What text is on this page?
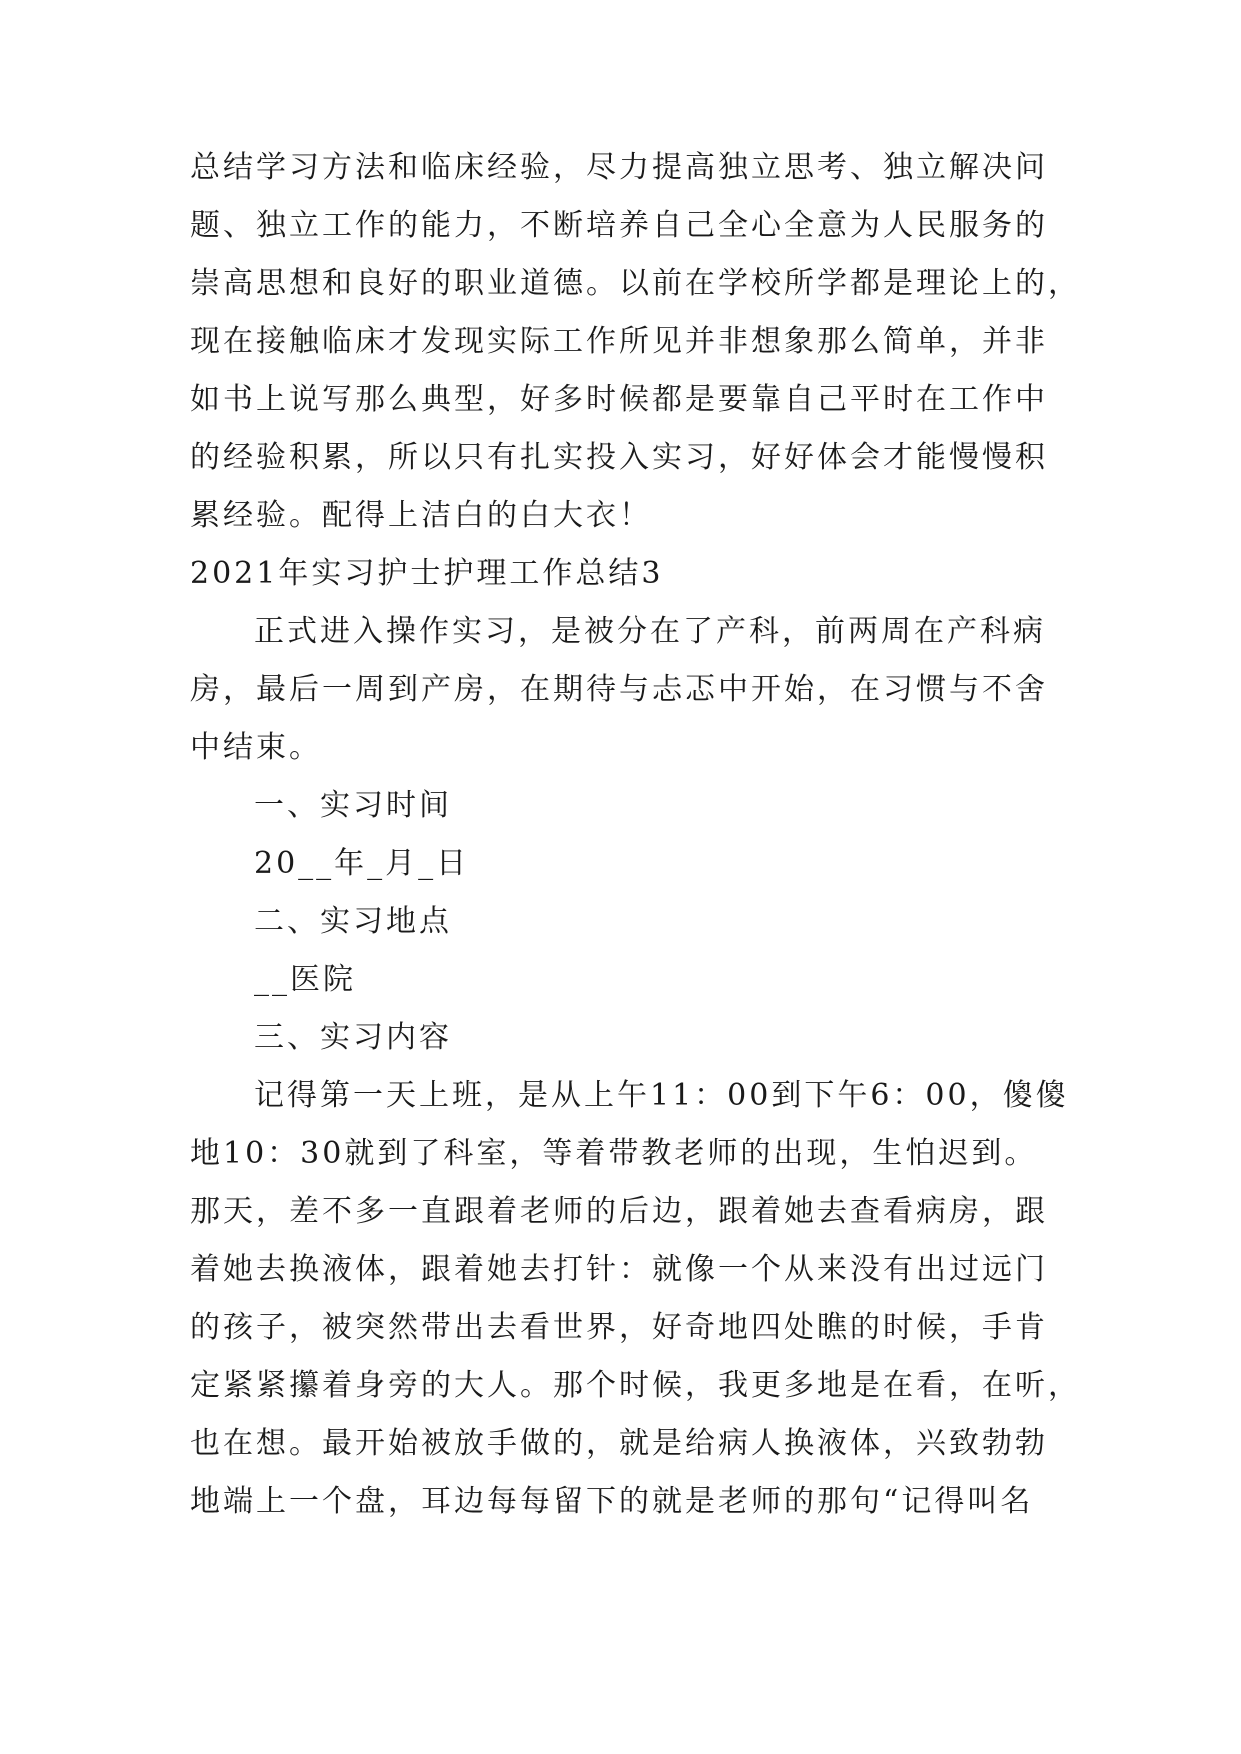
总结学习方法和临床经验，尽力提高独立思考、独立解决问
题、独立工作的能力，不断培养自己全心全意为人民服务的
崇高思想和良好的职业道德。以前在学校所学都是理论上的，
现在接触临床才发现实际工作所见并非想象那么简单，并非
如书上说写那么典型，好多时候都是要靠自己平时在工作中
的经验积累，所以只有扎实投入实习，好好体会才能慢慢积
累经验。配得上洁白的白大衣！
2021年实习护士护理工作总结3
正式进入操作实习，是被分在了产科，前两周在产科病
房，最后一周到产房，在期待与忐忑中开始，在习惯与不舍
中结束。
一、实习时间
20__年_月_日
二、实习地点
__医院
三、实习内容
记得第一天上班，是从上午11：00到下午6：00，傻傻
地10：30就到了科室，等着带教老师的出现，生怕迟到。
那天，差不多一直跟着老师的后边，跟着她去查看病房，跟
着她去换液体，跟着她去打针：就像一个从来没有出过远门
的孩子，被突然带出去看世界，好奇地四处瞧的时候，手肯
定紧紧攥着身旁的大人。那个时候，我更多地是在看，在听，
也在想。最开始被放手做的，就是给病人换液体，兴致勃勃
地端上一个盘，耳边每每留下的就是老师的那句“记得叫名
